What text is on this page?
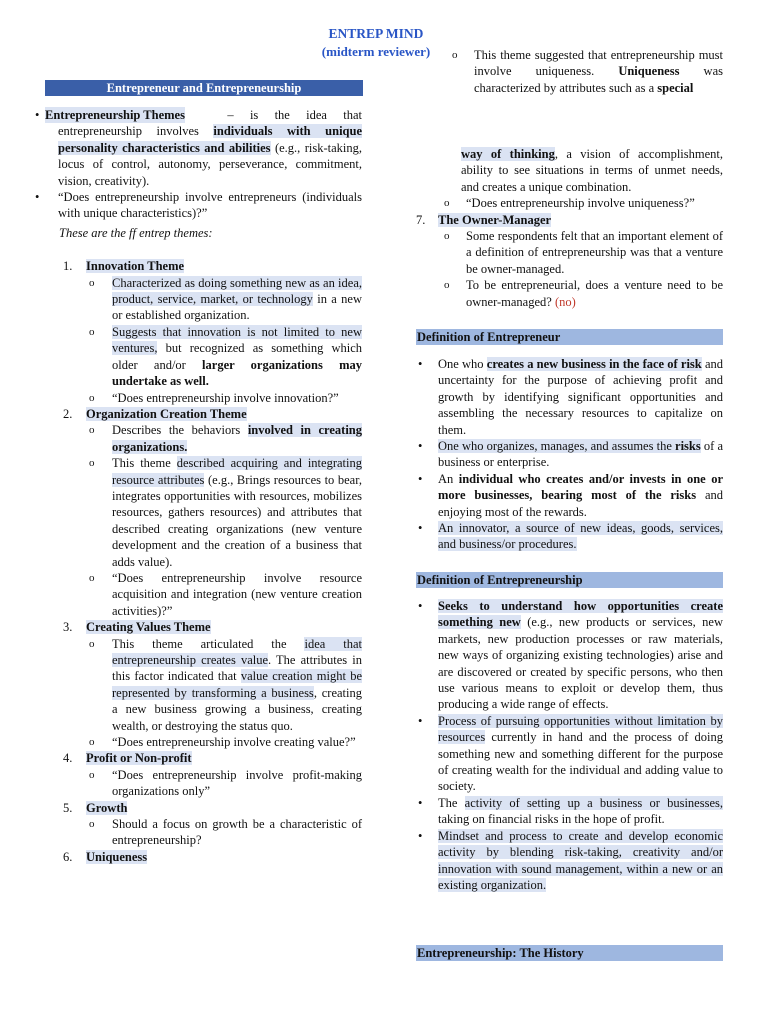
ENTREP MIND
(midterm reviewer)
Entrepreneur and Entrepreneurship
• Entrepreneurship Themes – is the idea that entrepreneurship involves individuals with unique personality characteristics and abilities (e.g., risk-taking, locus of control, autonomy, perseverance, commitment, vision, creativity).
• “Does entrepreneurship involve entrepreneurs (individuals with unique characteristics)?”
These are the ff entrep themes:
1. Innovation Theme
o Characterized as doing something new as an idea, product, service, market, or technology in a new or established organization.
o Suggests that innovation is not limited to new ventures, but recognized as something which older and/or larger organizations may undertake as well.
o “Does entrepreneurship involve innovation?”
2. Organization Creation Theme
o Describes the behaviors involved in creating organizations.
o This theme described acquiring and integrating resource attributes (e.g., Brings resources to bear, integrates opportunities with resources, mobilizes resources, gathers resources) and attributes that described creating organizations (new venture development and the creation of a business that adds value).
o “Does entrepreneurship involve resource acquisition and integration (new venture creation activities)?”
3. Creating Values Theme
o This theme articulated the idea that entrepreneurship creates value. The attributes in this factor indicated that value creation might be represented by transforming a business, creating a new business growing a business, creating wealth, or destroying the status quo.
o “Does entrepreneurship involve creating value?”
4. Profit or Non-profit
o “Does entrepreneurship involve profit-making organizations only”
5. Growth
o Should a focus on growth be a characteristic of entrepreneurship?
6. Uniqueness
o This theme suggested that entrepreneurship must involve uniqueness. Uniqueness was characterized by attributes such as a special
way of thinking, a vision of accomplishment, ability to see situations in terms of unmet needs, and creates a unique combination.
o “Does entrepreneurship involve uniqueness?”
7. The Owner-Manager
o Some respondents felt that an important element of a definition of entrepreneurship was that a venture be owner-managed.
o To be entrepreneurial, does a venture need to be owner-managed? (no)
Definition of Entrepreneur
• One who creates a new business in the face of risk and uncertainty for the purpose of achieving profit and growth by identifying significant opportunities and assembling the necessary resources to capitalize on them.
• One who organizes, manages, and assumes the risks of a business or enterprise.
• An individual who creates and/or invests in one or more businesses, bearing most of the risks and enjoying most of the rewards.
• An innovator, a source of new ideas, goods, services, and business/or procedures.
Definition of Entrepreneurship
• Seeks to understand how opportunities create something new (e.g., new products or services, new markets, new production processes or raw materials, new ways of organizing existing technologies) arise and are discovered or created by specific persons, who then use various means to exploit or develop them, thus producing a wide range of effects.
• Process of pursuing opportunities without limitation by resources currently in hand and the process of doing something new and something different for the purpose of creating wealth for the individual and adding value to society.
• The activity of setting up a business or businesses, taking on financial risks in the hope of profit.
• Mindset and process to create and develop economic activity by blending risk-taking, creativity and/or innovation with sound management, within a new or an existing organization.
Entrepreneurship: The History
